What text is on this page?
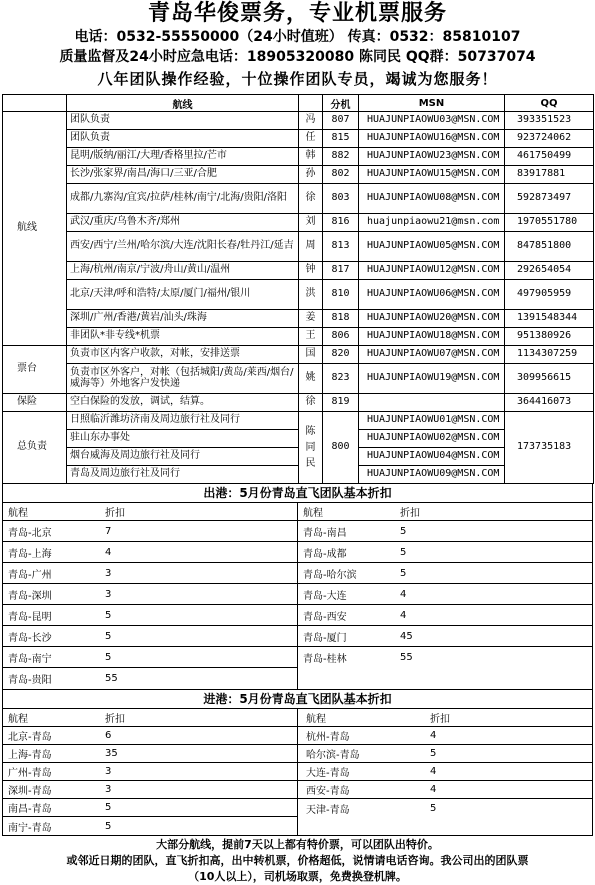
青岛华俊票务，专业机票服务
电话：0532-55550000（24小时值班） 传真：0532：85810107
质量监督及24小时应急电话：18905320080 陈同民 QQ群：50737074
八年团队操作经验，十位操作团队专员，竭诚为您服务！
	航线		分机	MSN	QQ
航线	团队负责	冯	807	HUAJUNPIAOWU03@MSN.COM	393351523
	团队负责	任	815	HUAJUNPIAOWU16@MSN.COM	923724062
	昆明/版纳/丽江/大理/香格里拉/芒市	韩	882	HUAJUNPIAOWU23@MSN.COM	461750499
	长沙/张家界/南昌/海口/三亚/合肥	孙	802	HUAJUNPIAOWU15@MSN.COM	83917881
	成都/九寨沟/宜宾/拉萨/桂林/南宁/北海/贵阳/洛阳	徐	803	HUAJUNPIAOWU08@MSN.COM	592873497
	武汉/重庆/乌鲁木齐/郑州	刘	816	huajunpiaowu21@msn.com	1970551780
	西安/西宁/兰州/哈尔滨/大连/沈阳长春/牡丹江/延吉	周	813	HUAJUNPIAOWU05@MSN.COM	847851800
	上海/杭州/南京/宁波/舟山/黄山/温州	钟	817	HUAJUNPIAOWU12@MSN.COM	292654054
	北京/天津/呼和浩特/太原/厦门/福州/银川	洪	810	HUAJUNPIAOWU06@MSN.COM	497905959
	深圳/广州/香港/黄岩/汕头/珠海	姜	818	HUAJUNPIAOWU20@MSN.COM	1391548344
	非团队*非专线*机票	王	806	HUAJUNPIAOWU18@MSN.COM	951380926
票台	负责市区内客户收款，对帐，安排送票	国	820	HUAJUNPIAOWU07@MSN.COM	1134307259
	负责市区外客户，对帐（包括城阳/黄岛/莱西/烟台/威海等）外地客户发快递	姚	823	HUAJUNPIAOWU19@MSN.COM	309956615
保险	空白保险的发放，调试，结算。	徐	819		364416073
总负责	日照临沂潍坊济南及周边旅行社及同行	陈同民	800	HUAJUNPIAOWU01@MSN.COM	173735183
	驻山东办事处			HUAJUNPIAOWU02@MSN.COM	
	烟台威海及周边旅行社及同行			HUAJUNPIAOWU04@MSN.COM	
	青岛及周边旅行社及同行			HUAJUNPIAOWU09@MSN.COM	
出港：5月份青岛直飞团队基本折扣
航程	折扣
青岛-北京	7
青岛-上海	4
青岛-广州	3
青岛-深圳	3
青岛-昆明	5
青岛-长沙	5
青岛-南宁	5
青岛-贵阳	55
航程	折扣
青岛-南昌	5
青岛-成都	5
青岛-哈尔滨	5
青岛-大连	4
青岛-西安	4
青岛-厦门	45
青岛-桂林	55
进港：5月份青岛直飞团队基本折扣
航程	折扣
北京-青岛	6
上海-青岛	35
广州-青岛	3
深圳-青岛	3
南昌-青岛	5
南宁-青岛	5
航程	折扣
杭州-青岛	4
哈尔滨-青岛	5
大连-青岛	4
西安-青岛	4
天津-青岛	5
大部分航线，提前7天以上都有特价票，可以团队出特价。
或邻近日期的团队，直飞折扣高，出中转机票，价格超低，说情请电话咨询。我公司出的团队票
（10人以上），司机场取票，免费换登机牌。
